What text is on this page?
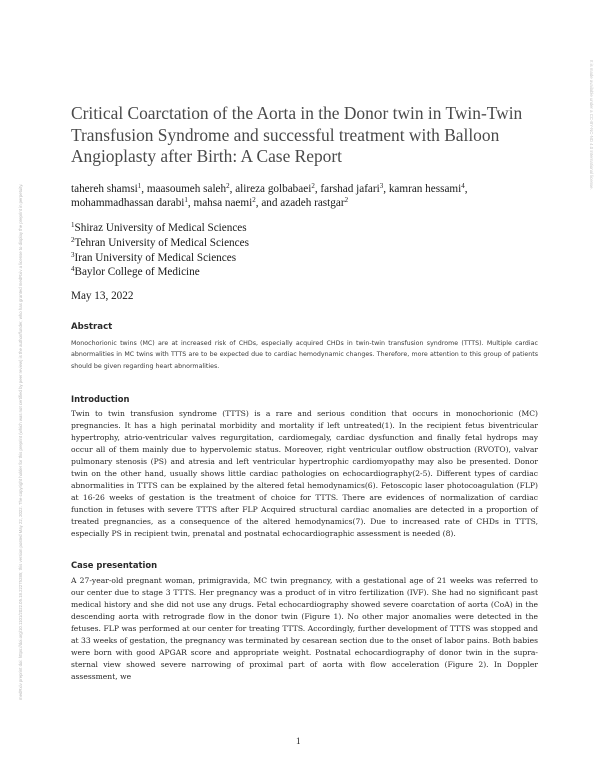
medRxiv preprint doi: https://doi.org/10.1101/2022.05.18.22275285; this version posted May 22, 2022. The copyright holder for this preprint (which was not certified by peer review) is the author/funder, who has granted medRxiv a license to display the preprint in perpetuity.
It is made available under a CC-BY-NC-ND 4.0 International license.
Critical Coarctation of the Aorta in the Donor twin in Twin-Twin Transfusion Syndrome and successful treatment with Balloon Angioplasty after Birth: A Case Report
tahereh shamsi$^1$, maasoumeh saleh$^2$, alireza golbabaei$^2$, farshad jafari$^3$, kamran hessami$^4$,
mohammadhassan darabi$^1$, mahsa naemi$^2$, and azadeh rastgar$^2$
$^1$Shiraz University of Medical Sciences
$^2$Tehran University of Medical Sciences
$^3$Iran University of Medical Sciences
$^4$Baylor College of Medicine
May 13, 2022
Abstract
Monochorionic twins (MC) are at increased risk of CHDs, especially acquired CHDs in twin-twin transfusion syndrome (TTTS). Multiple cardiac abnormalities in MC twins with TTTS are to be expected due to cardiac hemodynamic changes. Therefore, more attention to this group of patients should be given regarding heart abnormalities.
Introduction
Twin to twin transfusion syndrome (TTTS) is a rare and serious condition that occurs in monochorionic (MC) pregnancies. It has a high perinatal morbidity and mortality if left untreated(1). In the recipient fetus biventricular hypertrophy, atrio-ventricular valves regurgitation, cardiomegaly, cardiac dysfunction and finally fetal hydrops may occur all of them mainly due to hypervolemic status. Moreover, right ventricular outflow obstruction (RVOTO), valvar pulmonary stenosis (PS) and atresia and left ventricular hypertrophic cardiomyopathy may also be presented. Donor twin on the other hand, usually shows little cardiac pathologies on echocardiography(2-5). Different types of cardiac abnormalities in TTTS can be explained by the altered fetal hemodynamics(6). Fetoscopic laser photocoagulation (FLP) at 16-26 weeks of gestation is the treatment of choice for TTTS. There are evidences of normalization of cardiac function in fetuses with severe TTTS after FLP Acquired structural cardiac anomalies are detected in a proportion of treated pregnancies, as a consequence of the altered hemodynamics(7). Due to increased rate of CHDs in TTTS, especially PS in recipient twin, prenatal and postnatal echocardiographic assessment is needed (8).
Case presentation
A 27-year-old pregnant woman, primigravida, MC twin pregnancy, with a gestational age of 21 weeks was referred to our center due to stage 3 TTTS. Her pregnancy was a product of in vitro fertilization (IVF). She had no significant past medical history and she did not use any drugs. Fetal echocardiography showed severe coarctation of aorta (CoA) in the descending aorta with retrograde flow in the donor twin (Figure 1). No other major anomalies were detected in the fetuses. FLP was performed at our center for treating TTTS. Accordingly, further development of TTTS was stopped and at 33 weeks of gestation, the pregnancy was terminated by cesarean section due to the onset of labor pains. Both babies were born with good APGAR score and appropriate weight. Postnatal echocardiography of donor twin in the supra-sternal view showed severe narrowing of proximal part of aorta with flow acceleration (Figure 2). In Doppler assessment, we
1
